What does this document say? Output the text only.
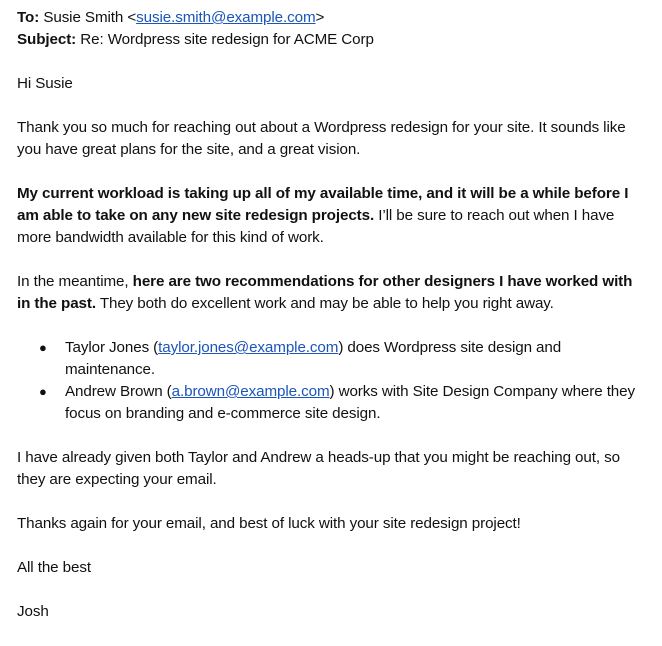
To: Susie Smith <susie.smith@example.com>
Subject: Re: Wordpress site redesign for ACME Corp

Hi Susie

Thank you so much for reaching out about a Wordpress redesign for your site. It sounds like you have great plans for the site, and a great vision.

My current workload is taking up all of my available time, and it will be a while before I am able to take on any new site redesign projects. I’ll be sure to reach out when I have more bandwidth available for this kind of work.

In the meantime, here are two recommendations for other designers I have worked with in the past. They both do excellent work and may be able to help you right away.

● Taylor Jones (taylor.jones@example.com) does Wordpress site design and maintenance.
● Andrew Brown (a.brown@example.com) works with Site Design Company where they focus on branding and e-commerce site design.

I have already given both Taylor and Andrew a heads-up that you might be reaching out, so they are expecting your email.

Thanks again for your email, and best of luck with your site redesign project!

All the best

Josh
